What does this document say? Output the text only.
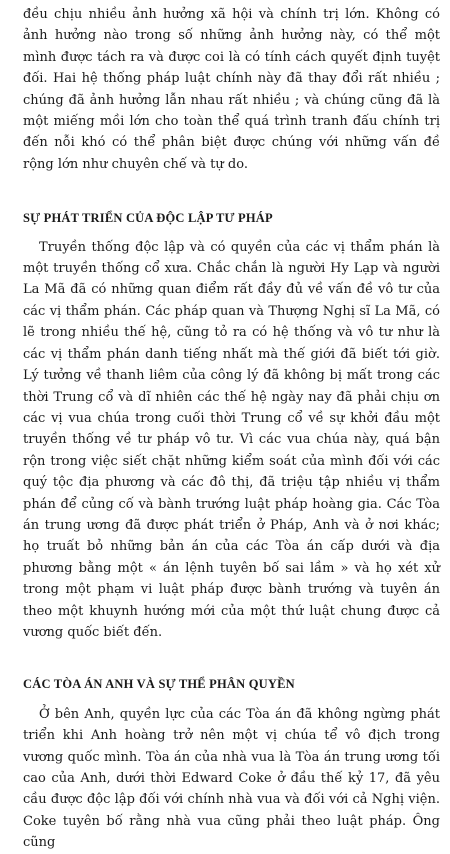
đều chịu nhiều ảnh hưởng xã hội và chính trị lớn. Không có ảnh hưởng nào trong số những ảnh hưởng này, có thể một mình được tách ra và được coi là có tính cách quyết định tuyệt đối. Hai hệ thống pháp luật chính này đã thay đổi rất nhiều ; chúng đã ảnh hưởng lẫn nhau rất nhiều ; và chúng cũng đã là một miếng mồi lớn cho toàn thể quá trình tranh đấu chính trị đến nỗi khó có thể phân biệt được chúng với những vấn đề rộng lớn như chuyên chế và tự do.

SỰ PHÁT TRIỂN CỦA ĐỘC LẬP TƯ PHÁP

Truyền thống độc lập và có quyền của các vị thẩm phán là một truyền thống cổ xưa. Chắc chắn là người Hy Lạp và người La Mã đã có những quan điểm rất đầy đủ về vấn đề vô tư của các vị thẩm phán. Các pháp quan và Thượng Nghị sĩ La Mã, có lẽ trong nhiều thế hệ, cũng tỏ ra có hệ thống và vô tư như là các vị thẩm phán danh tiếng nhất mà thế giới đã biết tới giờ. Lý tưởng về thanh liêm của công lý đã không bị mất trong các thời Trung cổ và dĩ nhiên các thế hệ ngày nay đã phải chịu ơn các vị vua chúa trong cuối thời Trung cổ về sự khởi đầu một truyền thống về tư pháp vô tư. Vì các vua chúa này, quá bận rộn trong việc siết chặt những kiểm soát của mình đối với các quý tộc địa phương và các đô thị, đã triệu tập nhiều vị thẩm phán để củng cố và bành trướng luật pháp hoàng gia. Các Tòa án trung ương đã được phát triển ở Pháp, Anh và ở nơi khác; họ truất bỏ những bản án của các Tòa án cấp dưới và địa phương bằng một « án lệnh tuyên bố sai lầm » và họ xét xử trong một phạm vi luật pháp được bành trướng và tuyên án theo một khuynh hướng mới của một thứ luật chung được cả vương quốc biết đến.

CÁC TÒA ÁN ANH VÀ SỰ THỂ PHÂN QUYỀN

Ở bên Anh, quyền lực của các Tòa án đã không ngừng phát triển khi Anh hoàng trở nên một vị chúa tể vô địch trong vương quốc mình. Tòa án của nhà vua là Tòa án trung ương tối cao của Anh, dưới thời Edward Coke ở đầu thế kỷ 17, đã yêu cầu được độc lập đối với chính nhà vua và đối với cả Nghị viện. Coke tuyên bố rằng nhà vua cũng phải theo luật pháp. Ông cũng
